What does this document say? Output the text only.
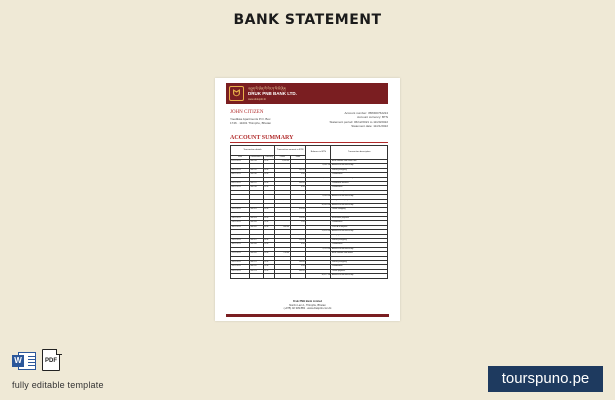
BANK STATEMENT
ᗢ	འབྲུག་པི་ཨེན་བི་བེངཀ་ལི་མི་ཊེཊ།
DRUK PNB BANK LTD.
www.drukpnb.bt
JOHN CITIZEN
Yoediksa Apartments P.O. Box
1746 · 11001 Thimphu, Bhutan
Account number: 358300762224
Account currency: BTN
Statement period: 06/12/2021 to 11/20/2022
Statement date: 11/21/2022
ACCOUNT SUMMARY
Transaction details			Transaction amount in BTN		Balance in BTN	Transaction description
Date	Transaction ID	Currency	Credit	Debit		
07/12/2021	301234	BTN	1,050.00			Bank transfer from Druk PNB
					8,501.98	Balance at the end of day
08/12/2021	301235	BTN		245.00		Grocery shopping
08/12/2021	301236	BTN		3.00		Commission
					8,253.98	Balance at the end of day
09/12/2021	301237	BTN		560.00		Communal services
09/12/2021	301238	BTN		4.00		Commission
10/12/2021	301239	BTN	820.00			Cash ATM deposit
					8,509.98	Balance at the end of day
11/12/2021	301240	BTN	2,400.00			Salary from employer
					10,909.98	Balance at the end of day
12/12/2021	301241	BTN		310.00		Online shopping
12/12/2021	301242	BTN		3.00		Commission
13/12/2021	301243	BTN		120.00		Restaurant payment
13/12/2021	301244	BTN		2.00		Commission
14/12/2021	301245	BTN	600.00			Cash ATM deposit
					11,074.98	Balance at the end of day
15/12/2021	301246	BTN		1,150.00		Rent payment
15/12/2021	301247	BTN		195.00		Grocery shopping
16/12/2021	301248	BTN		4.00		Commission
					9,725.98	Balance at the end of day
17/12/2021	301249	BTN	750.00			Bank transfer from friend
18/12/2021	301250	BTN	1,125.00			Bank transfer from client
19/12/2021	301251	BTN		240.00		Grocery shopping
19/12/2021	301252	BTN		3.00		Commission
20/12/2021	301253	BTN		380.00		Online payment
					10,977.98	Balance at the end of day
Druk PNB Bank Limited
Norzin Lam 1, Thimphu, Bhutan
(+975) 02 339 883 · www.drukpnb.com.bt
W	PDF
fully editable template	tourspuno.pe
